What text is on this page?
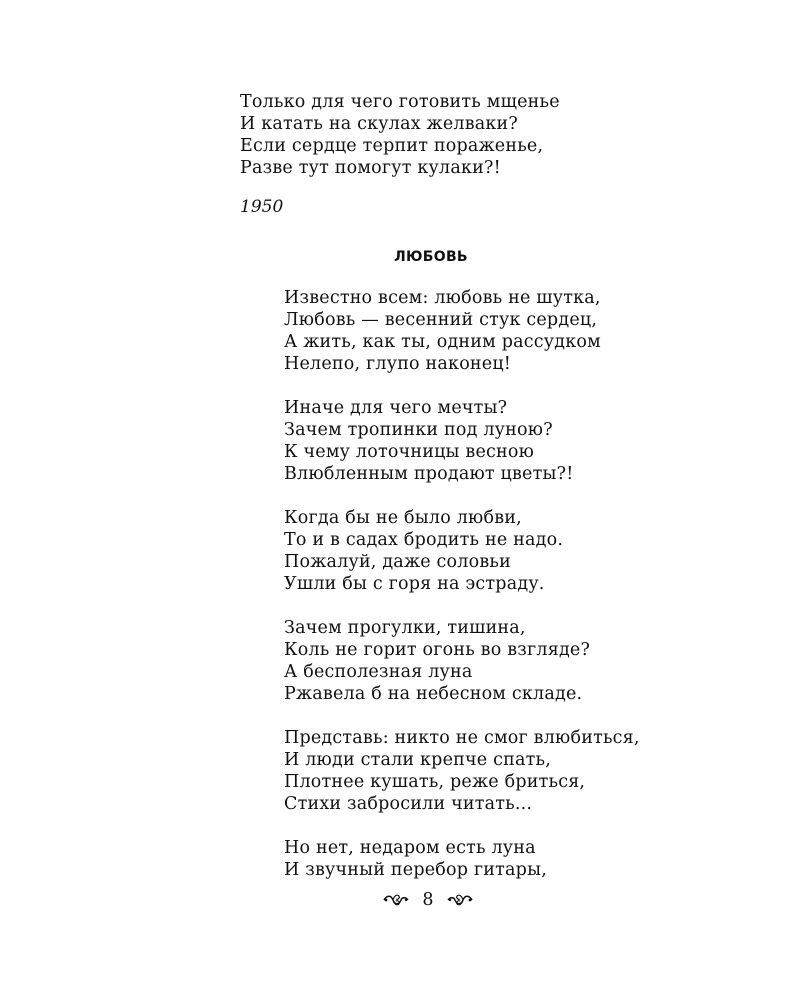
Только для чего готовить мщенье
И катать на скулах желваки?
Если сердце терпит пораженье,
Разве тут помогут кулаки?!
1950
ЛЮБОВЬ
Известно всем: любовь не шутка,
Любовь — весенний стук сердец,
А жить, как ты, одним рассудком
Нелепо, глупо наконец!
Иначе для чего мечты?
Зачем тропинки под луною?
К чему лоточницы весною
Влюбленным продают цветы?!
Когда бы не было любви,
То и в садах бродить не надо.
Пожалуй, даже соловьи
Ушли бы с горя на эстраду.
Зачем прогулки, тишина,
Коль не горит огонь во взгляде?
А бесполезная луна
Ржавела б на небесном складе.
Представь: никто не смог влюбиться,
И люди стали крепче спать,
Плотнее кушать, реже бриться,
Стихи забросили читать...
Но нет, недаром есть луна
И звучный перебор гитары,
8
